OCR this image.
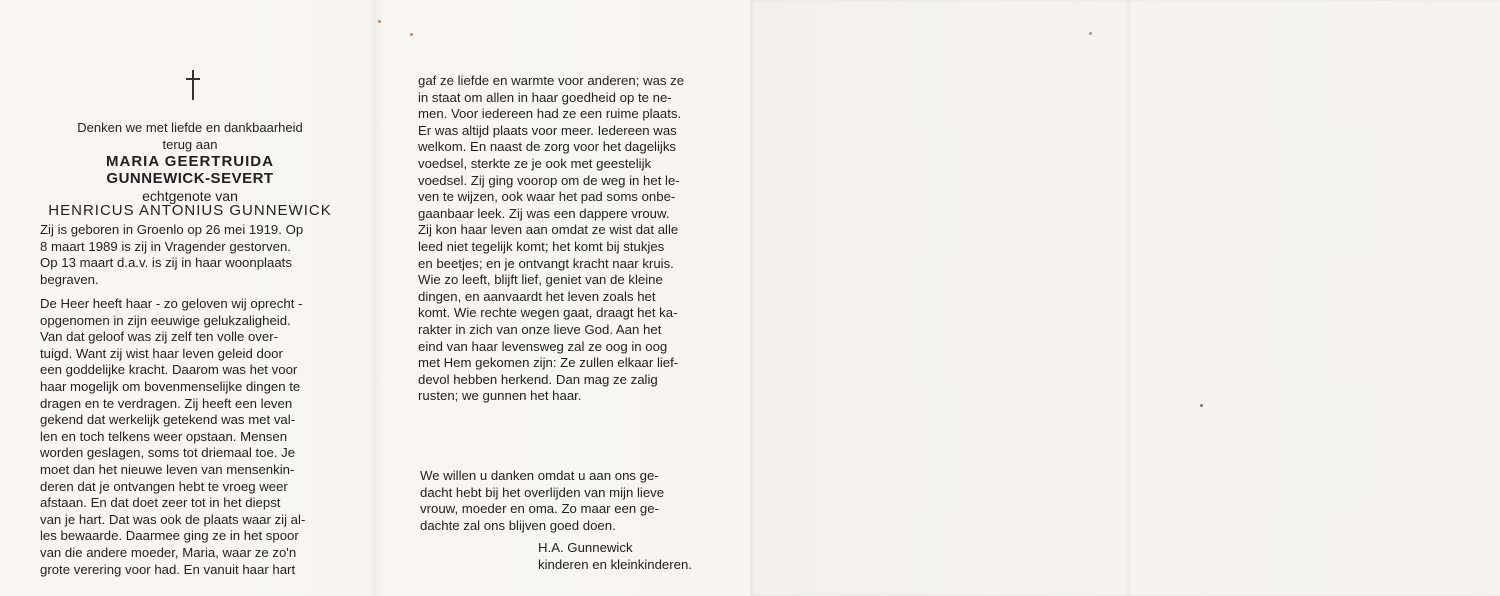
Denken we met liefde en dankbaarheid
terug aan
MARIA GEERTRUIDA
GUNNEWICK-SEVERT
echtgenote van
HENRICUS ANTONIUS GUNNEWICK
Zij is geboren in Groenlo op 26 mei 1919. Op
8 maart 1989 is zij in Vragender gestorven.
Op 13 maart d.a.v. is zij in haar woonplaats
begraven.
De Heer heeft haar - zo geloven wij oprecht -
opgenomen in zijn eeuwige gelukzaligheid.
Van dat geloof was zij zelf ten volle over-
tuigd. Want zij wist haar leven geleid door
een goddelijke kracht. Daarom was het voor
haar mogelijk om bovenmenselijke dingen te
dragen en te verdragen. Zij heeft een leven
gekend dat werkelijk getekend was met val-
len en toch telkens weer opstaan. Mensen
worden geslagen, soms tot driemaal toe. Je
moet dan het nieuwe leven van mensenkin-
deren dat je ontvangen hebt te vroeg weer
afstaan. En dat doet zeer tot in het diepst
van je hart. Dat was ook de plaats waar zij al-
les bewaarde. Daarmee ging ze in het spoor
van die andere moeder, Maria, waar ze zo'n
grote verering voor had. En vanuit haar hart
gaf ze liefde en warmte voor anderen; was ze
in staat om allen in haar goedheid op te ne-
men. Voor iedereen had ze een ruime plaats.
Er was altijd plaats voor meer. Iedereen was
welkom. En naast de zorg voor het dagelijks
voedsel, sterkte ze je ook met geestelijk
voedsel. Zij ging voorop om de weg in het le-
ven te wijzen, ook waar het pad soms onbe-
gaanbaar leek. Zij was een dappere vrouw.
Zij kon haar leven aan omdat ze wist dat alle
leed niet tegelijk komt; het komt bij stukjes
en beetjes; en je ontvangt kracht naar kruis.
Wie zo leeft, blijft lief, geniet van de kleine
dingen, en aanvaardt het leven zoals het
komt. Wie rechte wegen gaat, draagt het ka-
rakter in zich van onze lieve God. Aan het
eind van haar levensweg zal ze oog in oog
met Hem gekomen zijn: Ze zullen elkaar lief-
devol hebben herkend. Dan mag ze zalig
rusten; we gunnen het haar.
We willen u danken omdat u aan ons ge-
dacht hebt bij het overlijden van mijn lieve
vrouw, moeder en oma. Zo maar een ge-
dachte zal ons blijven goed doen.
H.A. Gunnewick
kinderen en kleinkinderen.
